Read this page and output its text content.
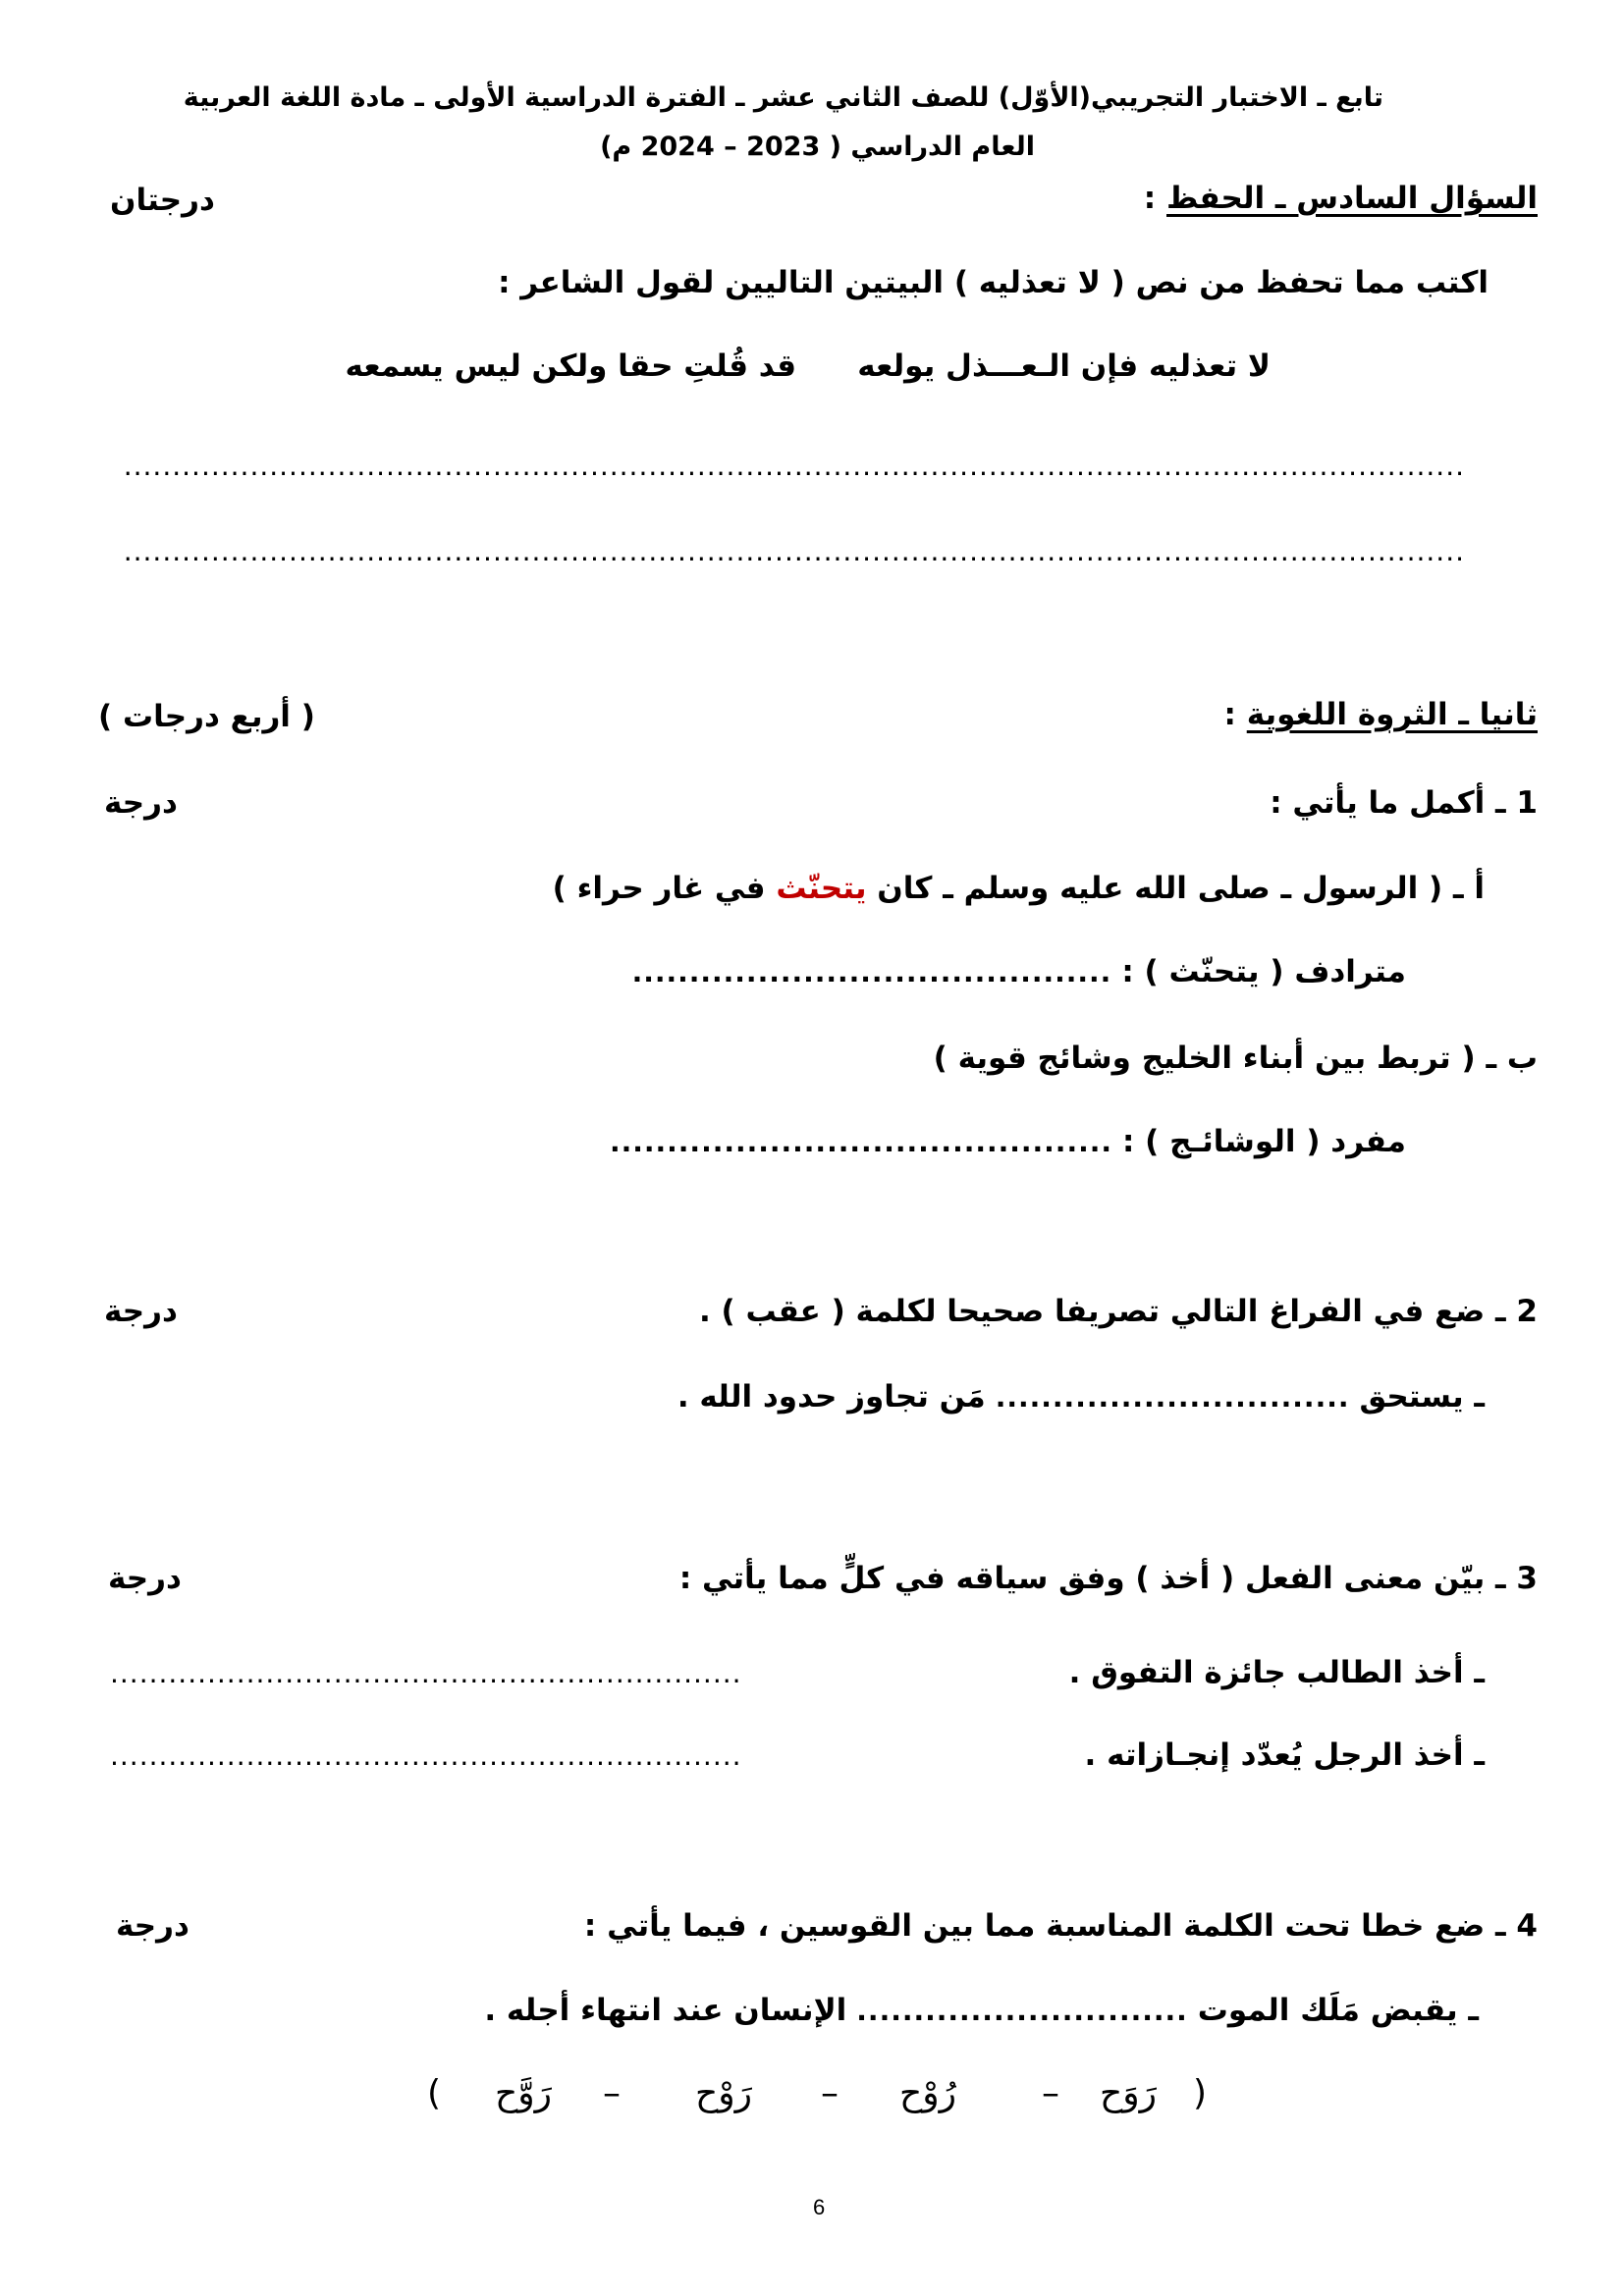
تابع ـ الاختبار التجريبي(الأوّل) للصف الثاني عشر ـ الفترة الدراسية الأولى ـ مادة اللغة العربية
العام الدراسي ( 2023 – 2024 م)
السؤال السادس ـ الحفظ :
درجتان
اكتب مما تحفظ من نص ( لا تعذليه ) البيتين التاليين لقول الشاعر :
لا تعذليه فإن الـعـــذل يولعه
قد قُلتِ حقا ولكن ليس يسمعه
..........................................................................................................................................
..........................................................................................................................................
ثانيا ـ الثروة اللغوية :
( أربع درجات )
1 ـ أكمل ما يأتي :
درجة
أ ـ ( الرسول ـ صلى الله عليه وسلم ـ كان يتحنّث في غار حراء )
مترادف ( يتحنّث ) :
..........................................
ب ـ ( تربط بين أبناء الخليج وشائج قوية )
مفرد ( الوشائـج ) :
............................................
2 ـ ضع في الفراغ التالي تصريفا صحيحا لكلمة ( عقب ) .
درجة
ـ يستحق
...............................
مَن تجاوز حدود الله .
3 ـ بيّن معنى الفعل ( أخذ ) وفق سياقه في كلٍّ مما يأتي :
درجة
ـ أخذ الطالب جائزة التفوق .
.................................................................
ـ أخذ الرجل يُعدّد إنجـازاته .
.................................................................
4 ـ ضع خطا تحت الكلمة المناسبة مما بين القوسين ، فيما يأتي :
درجة
ـ يقبض مَلَك الموت
.............................
الإنسان عند انتهاء أجله .
(
رَوَح
–
رُوْح
–
رَوْح
–
رَوَّح
)
6
